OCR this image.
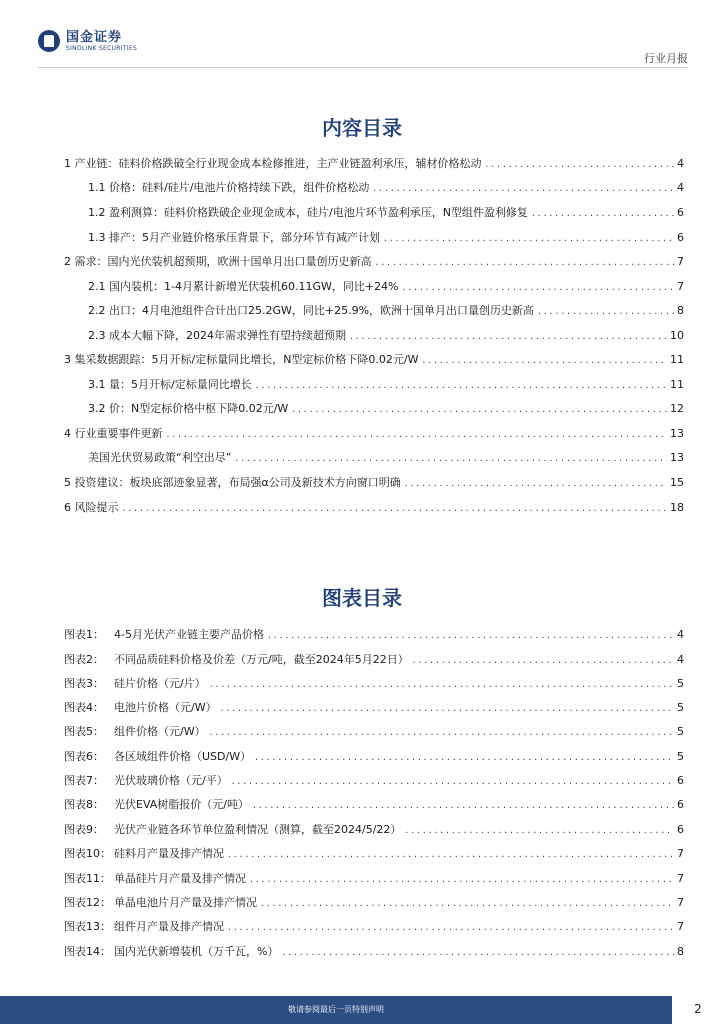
国金证券
SINOLINK SECURITIES
行业月报
内容目录
1 产业链：硅料价格跌破全行业现金成本检修推进，主产业链盈利承压，辅材价格松动 .....	4
1.1 价格：硅料/硅片/电池片价格持续下跌，组件价格松动 .....	4
1.2 盈利测算：硅料价格跌破企业现金成本，硅片/电池片环节盈利承压，N型组件盈利修复 .....	6
1.3 排产：5月产业链价格承压背景下，部分环节有减产计划 .....	6
2 需求：国内光伏装机超预期，欧洲十国单月出口量创历史新高 .....	7
2.1 国内装机：1-4月累计新增光伏装机60.11GW，同比+24% .....	7
2.2 出口：4月电池组件合计出口25.2GW，同比+25.9%，欧洲十国单月出口量创历史新高 .....	8
2.3 成本大幅下降，2024年需求弹性有望持续超预期 .....	10
3 集采数据跟踪：5月开标/定标量同比增长，N型定标价格下降0.02元/W .....	11
3.1 量：5月开标/定标量同比增长 .....	11
3.2 价：N型定标价格中枢下降0.02元/W .....	12
4 行业重要事件更新 .....	13
美国光伏贸易政策“利空出尽” .....	13
5 投资建议：板块底部迹象显著，布局强α公司及新技术方向窗口明确 .....	15
6 风险提示 .....	18
图表目录
图表1： 4-5月光伏产业链主要产品价格 .....	4
图表2： 不同品质硅料价格及价差（万元/吨，截至2024年5月22日） .....	4
图表3： 硅片价格（元/片） .....	5
图表4： 电池片价格（元/W） .....	5
图表5： 组件价格（元/W） .....	5
图表6： 各区域组件价格（USD/W） .....	5
图表7： 光伏玻璃价格（元/平） .....	6
图表8： 光伏EVA树脂报价（元/吨） .....	6
图表9： 光伏产业链各环节单位盈利情况（测算，截至2024/5/22） .....	6
图表10： 硅料月产量及排产情况 .....	7
图表11： 单晶硅片月产量及排产情况 .....	7
图表12： 单晶电池片月产量及排产情况 .....	7
图表13： 组件月产量及排产情况 .....	7
图表14： 国内光伏新增装机（万千瓦，%） .....	8
敬请参阅最后一页特别声明	2
